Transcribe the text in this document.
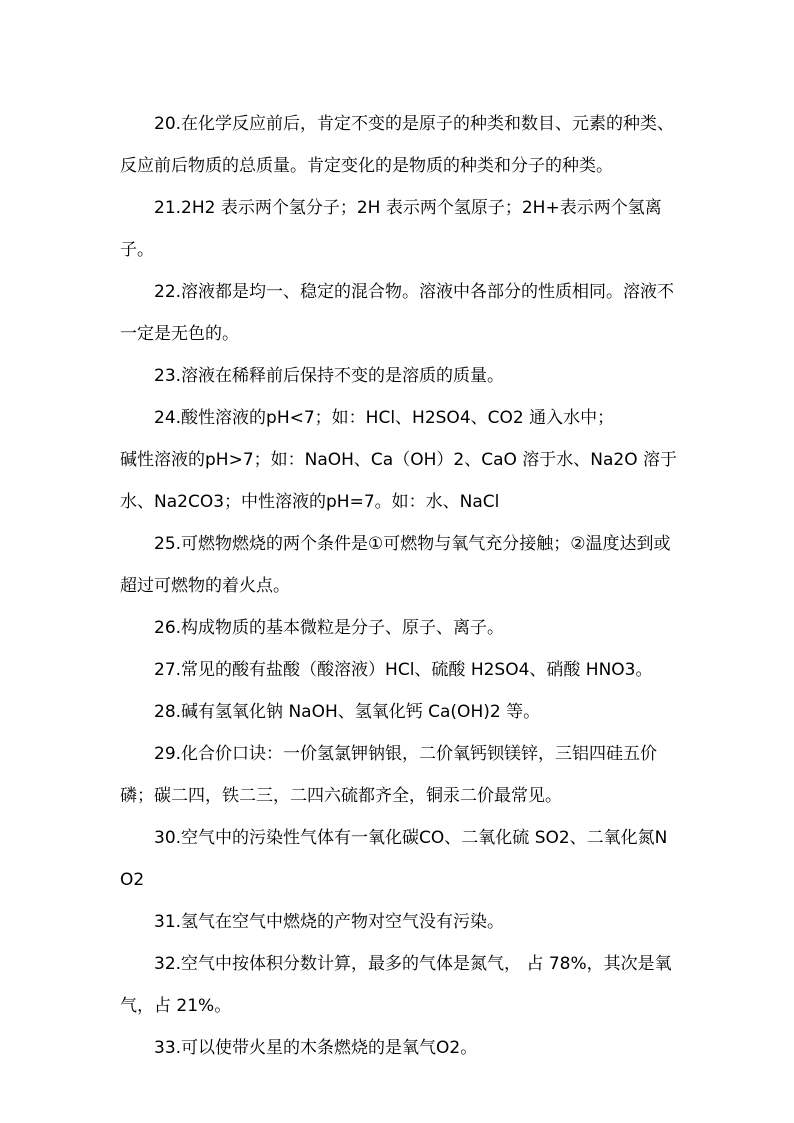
20.在化学反应前后，肯定不变的是原子的种类和数目、元素的种类、反应前后物质的总质量。肯定变化的是物质的种类和分子的种类。

21.2H2 表示两个氢分子；2H 表示两个氢原子；2H+表示两个氢离子。

22.溶液都是均一、稳定的混合物。溶液中各部分的性质相同。溶液不一定是无色的。

23.溶液在稀释前后保持不变的是溶质的质量。

24.酸性溶液的pH<7；如：HCl、H2SO4、CO2 通入水中；

碱性溶液的pH>7；如：NaOH、Ca（OH）2、CaO 溶于水、Na2O 溶于水、Na2CO3；中性溶液的pH=7。如：水、NaCl

25.可燃物燃烧的两个条件是①可燃物与氧气充分接触；②温度达到或超过可燃物的着火点。

26.构成物质的基本微粒是分子、原子、离子。

27.常见的酸有盐酸（酸溶液）HCl、硫酸 H2SO4、硝酸 HNO3。

28.碱有氢氧化钠 NaOH、氢氧化钙 Ca(OH)2 等。

29.化合价口诀：一价氢氯钾钠银，二价氧钙钡镁锌，三铝四硅五价磷；碳二四，铁二三，二四六硫都齐全，铜汞二价最常见。

30.空气中的污染性气体有一氧化碳CO、二氧化硫 SO2、二氧化氮NO2

31.氢气在空气中燃烧的产物对空气没有污染。

32.空气中按体积分数计算，最多的气体是氮气， 占 78%，其次是氧气，占 21%。

33.可以使带火星的木条燃烧的是氧气O2。
